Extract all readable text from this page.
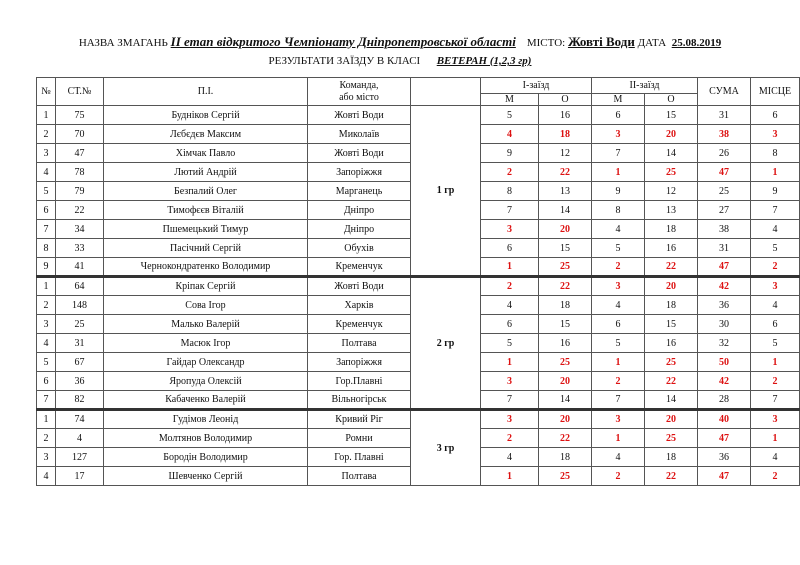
НАЗВА ЗМАГАНЬ ІІ етап відкритого Чемпіонату Дніпропетровської області МІСТО: Жовті Води ДАТА 25.08.2019
РЕЗУЛЬТАТИ ЗАЇЗДУ В КЛАСІ ВЕТЕРАН (1,2,3 гр)
№	СТ.№	П.І.	Команда,
або місто		І-заїзд		ІІ-заїзд		СУМА	МІСЦЕ
					М	О	М	О		
1	75	Будніков Сергій	Жовті Води	1 гр	5	16	6	15	31	6
2	70	Лєбєдєв Максим	Миколаїв		4	18	3	20	38	3
3	47	Хімчак Павло	Жовті Води		9	12	7	14	26	8
4	78	Лютий Андрій	Запоріжжя		2	22	1	25	47	1
5	79	Безпалий Олег	Марганець		8	13	9	12	25	9
6	22	Тимофєєв Віталій	Дніпро		7	14	8	13	27	7
7	34	Пшемецький Тимур	Дніпро		3	20	4	18	38	4
8	33	Пасічний Сергій	Обухів		6	15	5	16	31	5
9	41	Чернокондратенко Володимир	Кременчук		1	25	2	22	47	2
1	64	Кріпак Сергій	Жовті Води	2 гр	2	22	3	20	42	3
2	148	Сова Ігор	Харків		4	18	4	18	36	4
3	25	Малько Валерій	Кременчук		6	15	6	15	30	6
4	31	Масюк Ігор	Полтава		5	16	5	16	32	5
5	67	Гайдар Олександр	Запоріжжя		1	25	1	25	50	1
6	36	Яропуда Олексій	Гор.Плавні		3	20	2	22	42	2
7	82	Кабаченко Валерій	Вільногірськ		7	14	7	14	28	7
1	74	Гудімов Леонід	Кривий Ріг	3 гр	3	20	3	20	40	3
2	4	Молтянов Володимир	Ромни		2	22	1	25	47	1
3	127	Бородін Володимир	Гор. Плавні		4	18	4	18	36	4
4	17	Шевченко Сергій	Полтава		1	25	2	22	47	2
